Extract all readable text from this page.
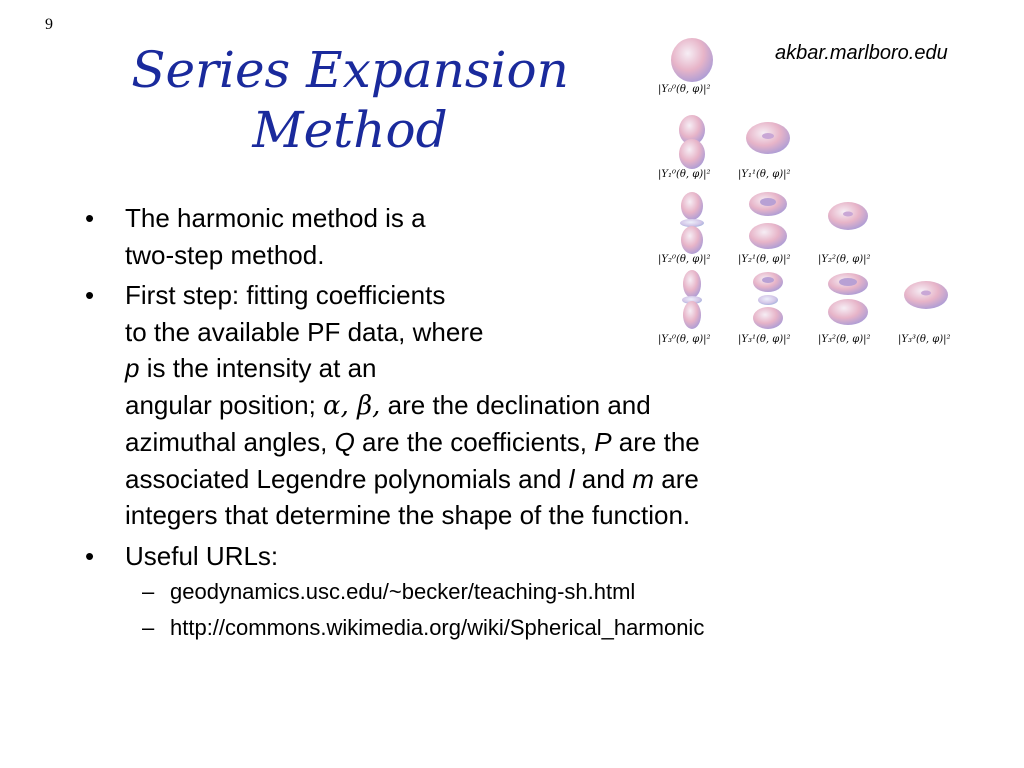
9
Series Expansion
Method
akbar.marlboro.edu
|Y₀⁰(θ, φ)|²
|Y₁⁰(θ, φ)|²	|Y₁¹(θ, φ)|²
|Y₂⁰(θ, φ)|²	|Y₂¹(θ, φ)|²	|Y₂²(θ, φ)|²
|Y₃⁰(θ, φ)|²	|Y₃¹(θ, φ)|²	|Y₃²(θ, φ)|²	|Y₃³(θ, φ)|²
• The harmonic method is a
two-step method.
• First step: fitting coefficients
to the available PF data, where
p is the intensity at an
angular position; α, β, are the declination and
azimuthal angles, Q are the coefficients, P are the
associated Legendre polynomials and l and m are
integers that determine the shape of the function.
• Useful URLs:
– geodynamics.usc.edu/~becker/teaching-sh.html
– http://commons.wikimedia.org/wiki/Spherical_harmonic
